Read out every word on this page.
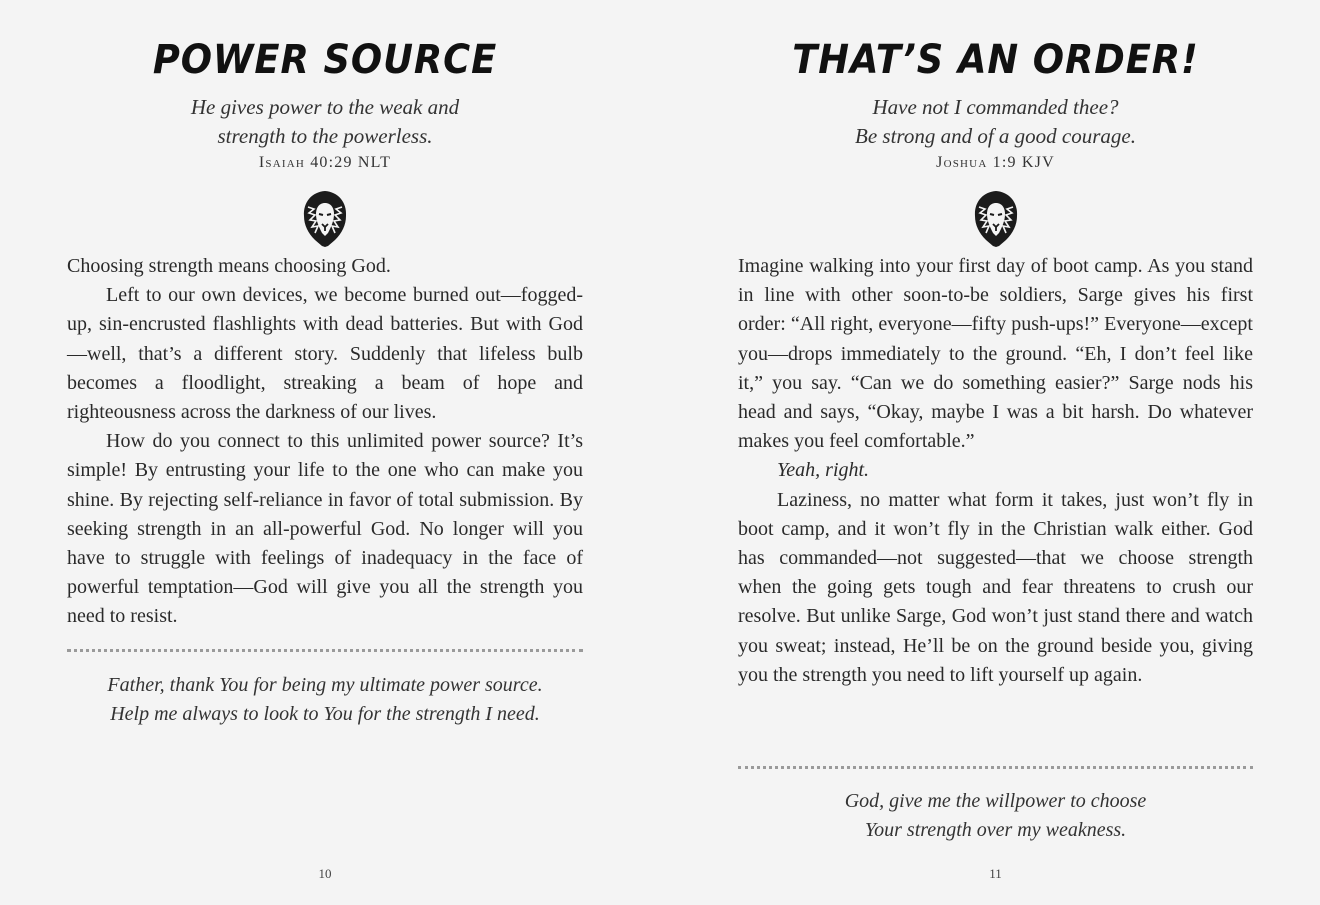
POWER SOURCE
He gives power to the weak and
strength to the powerless.
Isaiah 40:29 NLT

Choosing strength means choosing God.

Left to our own devices, we become burned out—fogged-up, sin-encrusted flashlights with dead batteries. But with God—well, that’s a different story. Suddenly that lifeless bulb becomes a floodlight, streaking a beam of hope and righteousness across the darkness of our lives.

How do you connect to this unlimited power source? It’s simple! By entrusting your life to the one who can make you shine. By rejecting self-reliance in favor of total submission. By seeking strength in an all-powerful God. No longer will you have to struggle with feelings of inadequacy in the face of powerful temptation—God will give you all the strength you need to resist.

Father, thank You for being my ultimate power source.
Help me always to look to You for the strength I need.
10
THAT’S AN ORDER!
Have not I commanded thee?
Be strong and of a good courage.
Joshua 1:9 KJV

Imagine walking into your first day of boot camp. As you stand in line with other soon-to-be soldiers, Sarge gives his first order: “All right, everyone—fifty push-ups!” Everyone—except you—drops immediately to the ground. “Eh, I don’t feel like it,” you say. “Can we do something easier?” Sarge nods his head and says, “Okay, maybe I was a bit harsh. Do whatever makes you feel comfortable.”

Yeah, right.

Laziness, no matter what form it takes, just won’t fly in boot camp, and it won’t fly in the Christian walk either. God has commanded—not suggested—that we choose strength when the going gets tough and fear threatens to crush our resolve. But unlike Sarge, God won’t just stand there and watch you sweat; instead, He’ll be on the ground beside you, giving you the strength you need to lift yourself up again.

God, give me the willpower to choose
Your strength over my weakness.
11
